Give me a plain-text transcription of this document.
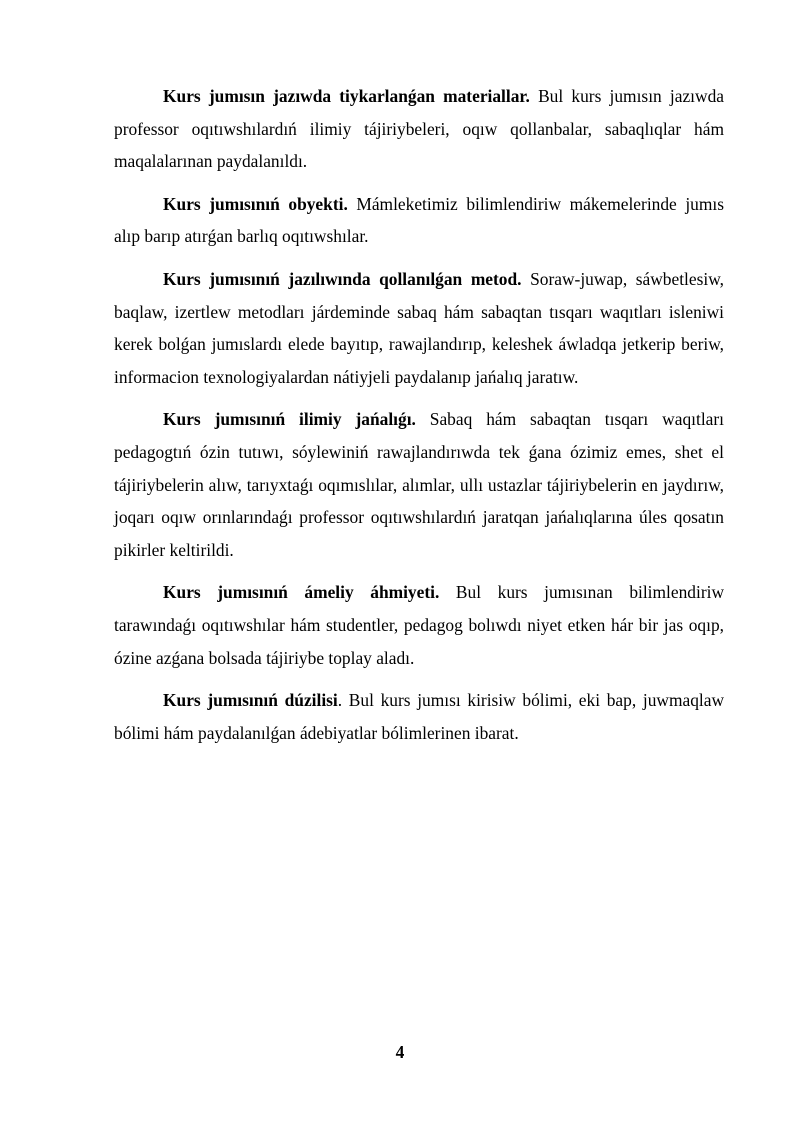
Kurs jumısın jazıwda tiykarlanǵan materiallar. Bul kurs jumısın jazıwda professor oqıtıwshılardıń ilimiy tájiriybeleri, oqıw qollanbalar, sabaqlıqlar hám maqalalarınan paydalanıldı.

Kurs jumısınıń obyekti. Mámleketimiz bilimlendiriw mákemelerinde jumıs alıp barıp atırǵan barlıq oqıtıwshılar.

Kurs jumısınıń jazılıwında qollanılǵan metod. Soraw-juwap, sáwbetlesiw, baqlaw, izertlew metodları járdeminde sabaq hám sabaqtan tısqarı waqıtları isleniwi kerek bolǵan jumıslardı elede bayıtıp, rawajlandırıp, keleshek áwladqa jetkerip beriw, informacion texnologiyalardan nátiyjeli paydalanıp jańalıq jaratıw.

Kurs jumısınıń ilimiy jańalıǵı. Sabaq hám sabaqtan tısqarı waqıtları pedagogtıń ózin tutıwı, sóylewiniń rawajlandırıwda tek ǵana ózimiz emes, shet el tájiriybelerin alıw, tarıyxtaǵı oqımıslılar, alımlar, ullı ustazlar tájiriybelerin en jaydırıw, joqarı oqıw orınlarındaǵı professor oqıtıwshılardıń jaratqan jańalıqlarına úles qosatın pikirler keltirildi.

Kurs jumısınıń ámeliy áhmiyeti. Bul kurs jumısınan bilimlendiriw tarawındaǵı oqıtıwshılar hám studentler, pedagog bolıwdı niyet etken hár bir jas oqıp, ózine azǵana bolsada tájiriybe toplay aladı.

Kurs jumısınıń dúzilisi. Bul kurs jumısı kirisiw bólimi, eki bap, juwmaqlaw bólimi hám paydalanılǵan ádebiyatlar bólimlerinen ibarat.

4
